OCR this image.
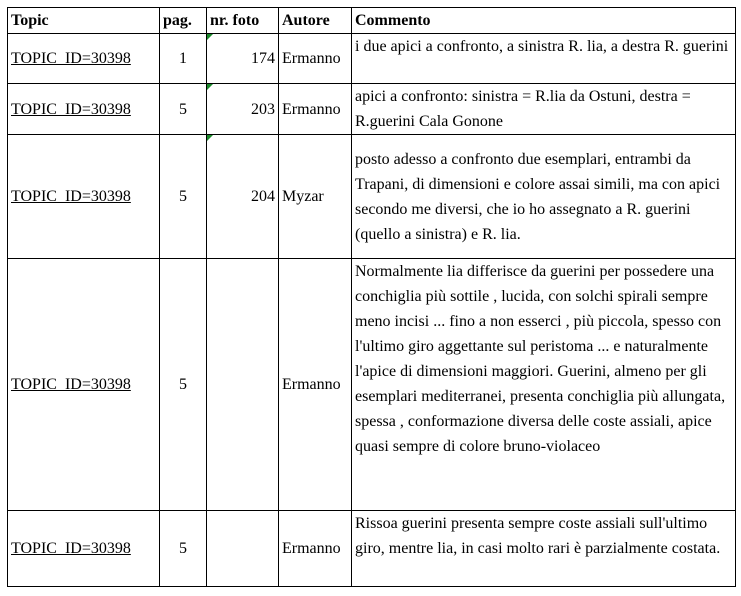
Topic	pag.	nr. foto	Autore	Commento
TOPIC_ID=30398	1	174	Ermanno	i due apici a confronto, a sinistra R. lia, a destra R. guerini
TOPIC_ID=30398	5	203	Ermanno	apici a confronto: sinistra = R.lia da Ostuni, destra = R.guerini Cala Gonone
TOPIC_ID=30398	5	204	Myzar	posto adesso a confronto due esemplari, entrambi da Trapani, di dimensioni e colore assai simili, ma con apici secondo me diversi, che io ho assegnato a R. guerini (quello a sinistra) e R. lia.
TOPIC_ID=30398	5		Ermanno	Normalmente lia differisce da guerini per possedere una conchiglia più sottile , lucida, con solchi spirali sempre meno incisi ... fino a non esserci , più piccola, spesso con l'ultimo giro aggettante sul peristoma ... e naturalmente l'apice di dimensioni maggiori. Guerini, almeno per gli esemplari mediterranei, presenta conchiglia più allungata, spessa , conformazione diversa delle coste assiali, apice quasi sempre di colore bruno-violaceo
TOPIC_ID=30398	5		Ermanno	Rissoa guerini presenta sempre coste assiali sull'ultimo giro, mentre lia, in casi molto rari è parzialmente costata.
